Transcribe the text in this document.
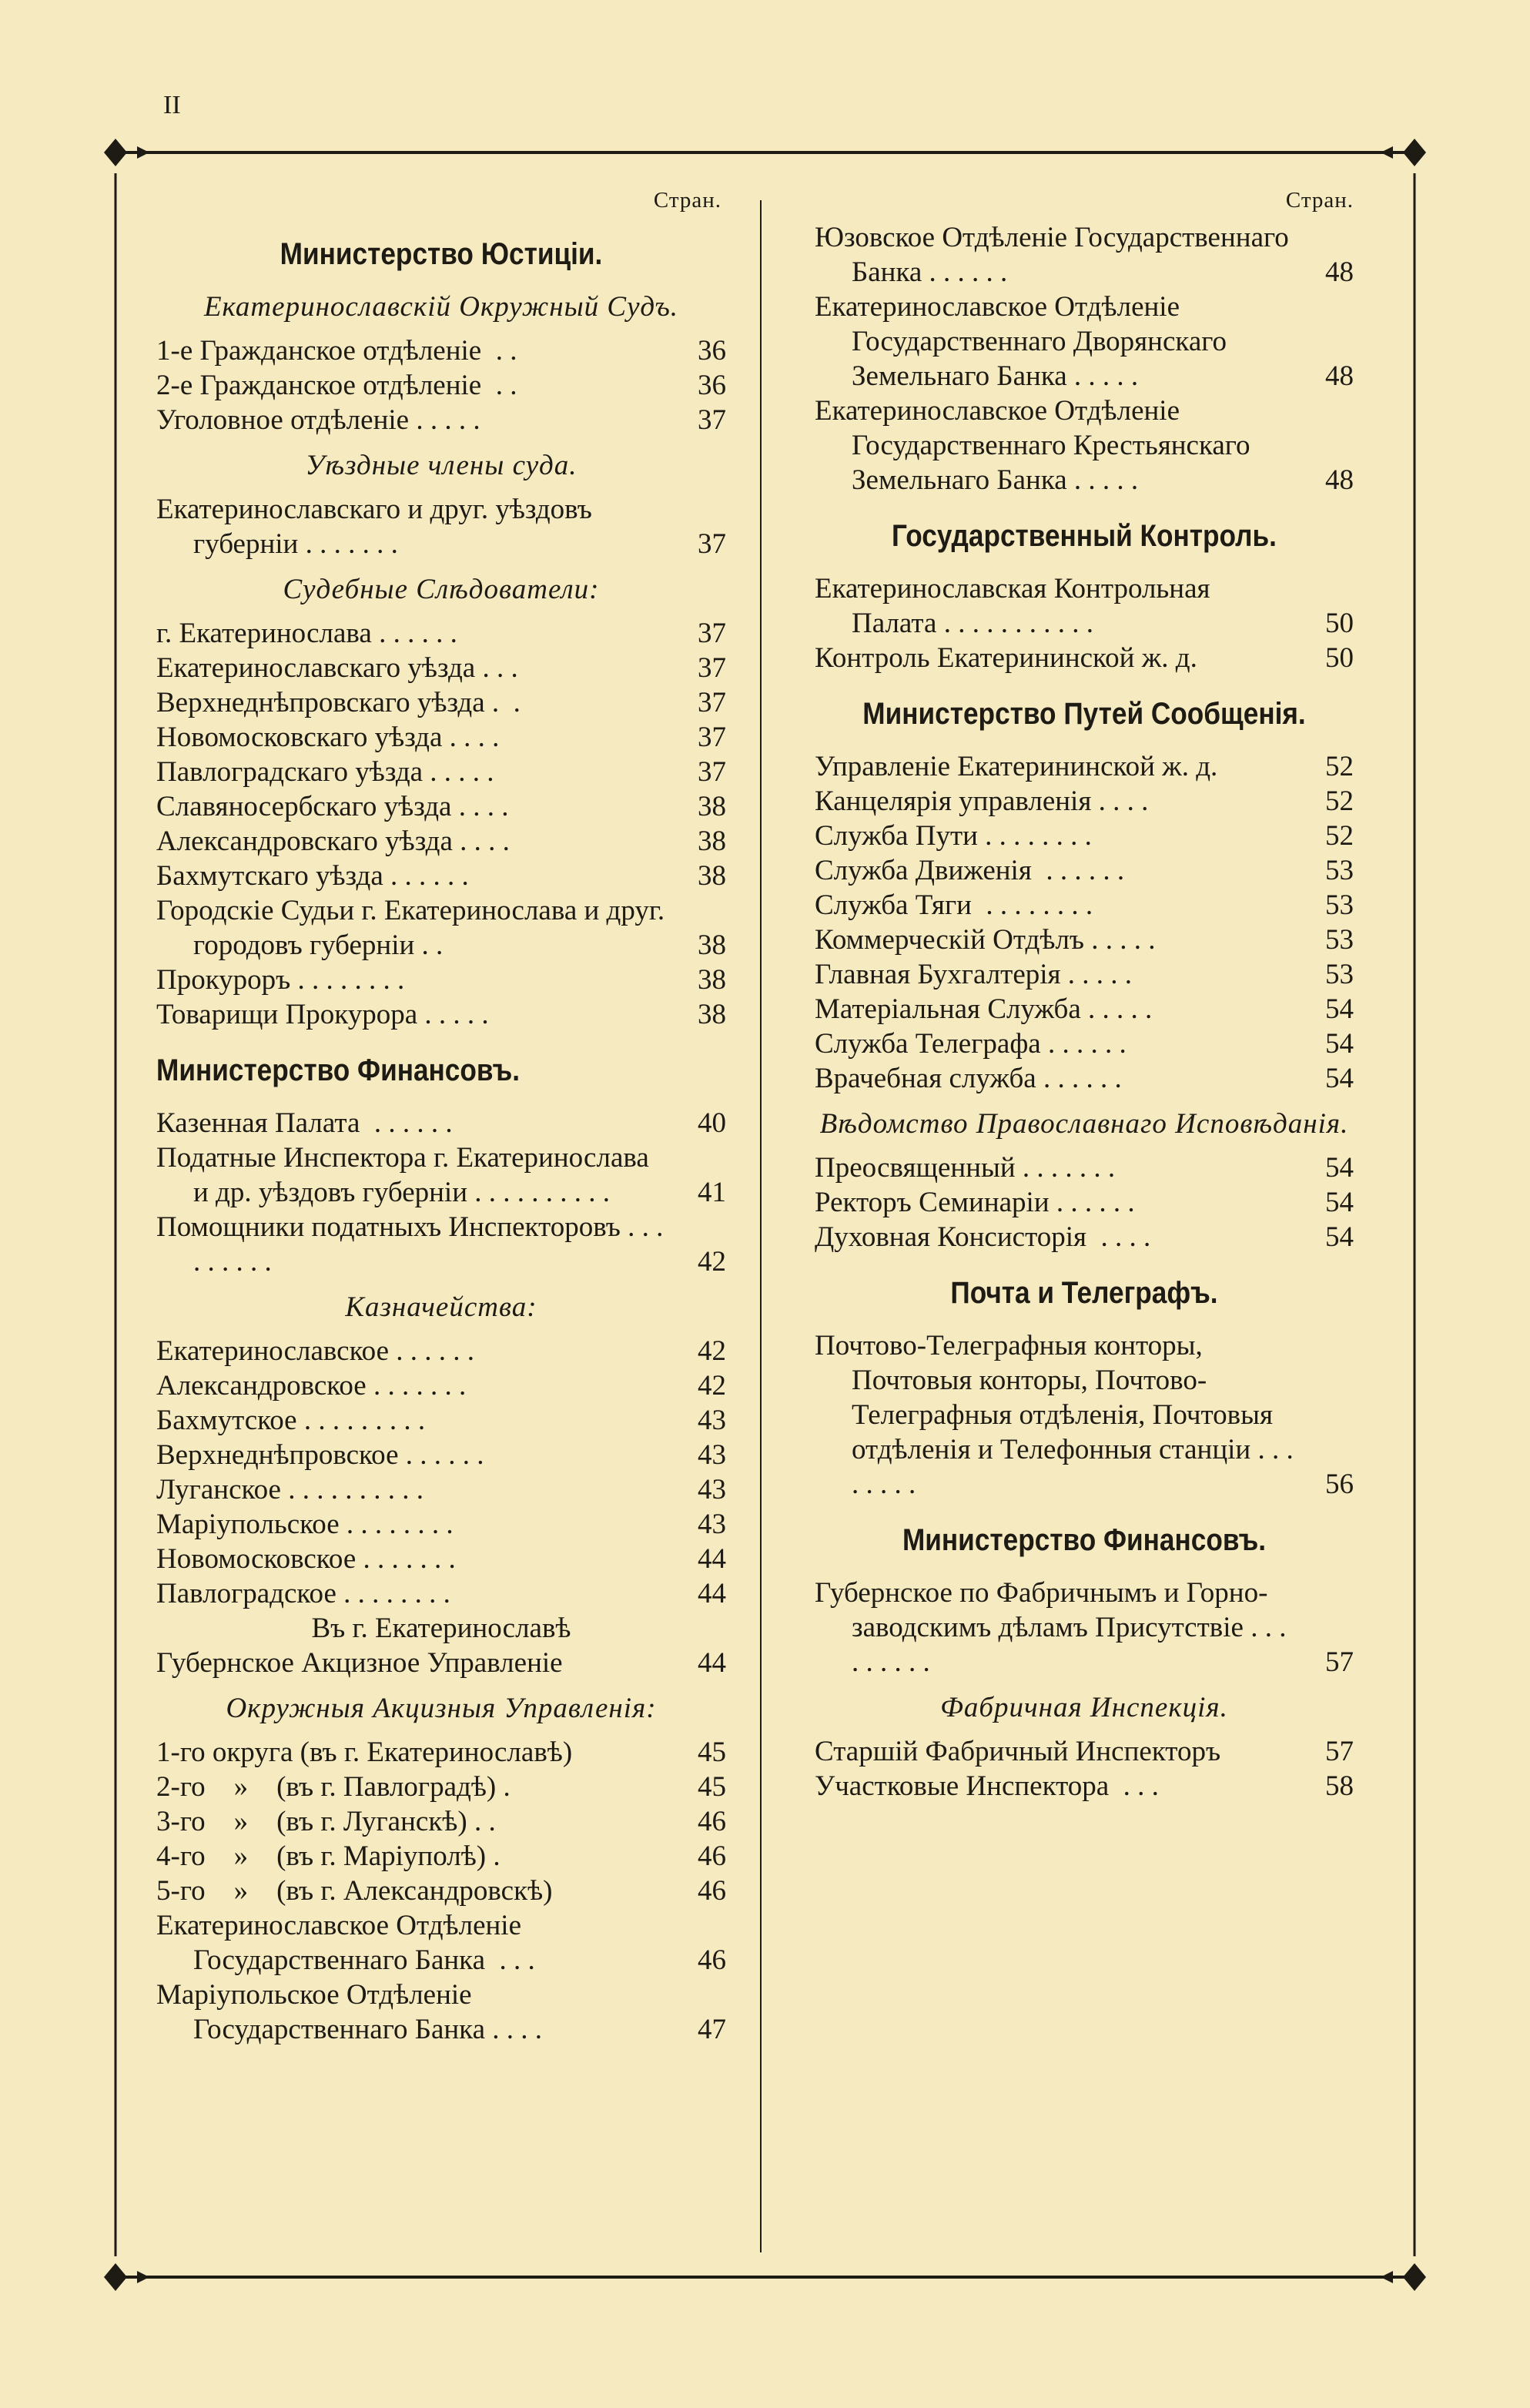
II
Стран.
Министерство Юстиціи.
Екатеринославскій Окружный Судъ.
1-е Гражданское отдѣленіе  . .	36
2-е Гражданское отдѣленіе  . .	36
Уголовное отдѣленіе . . . . .	37
Уѣздные члены суда.
Екатеринославскаго и друг. уѣздовъ губерніи . . . . . . .	37
Судебные Слѣдователи:
г. Екатеринослава . . . . . .	37
Екатеринославскаго уѣзда . . .	37
Верхнеднѣпровскаго уѣзда .  .	37
Новомосковскаго уѣзда . . . .	37
Павлоградскаго уѣзда . . . . .	37
Славяносербскаго уѣзда . . . .	38
Александровскаго уѣзда . . . .	38
Бахмутскаго уѣзда . . . . . .	38
Городскіе Судьи г. Екатеринослава и друг. городовъ губерніи . .	38
Прокуроръ . . . . . . . .	38
Товарищи Прокурора . . . . .	38
Министерство Финансовъ.
Казенная Палата  . . . . . .	40
Податные Инспектора г. Екатеринослава и др. уѣздовъ губерніи . . . . . . . . . .	41
Помощники податныхъ Инспекторовъ . . . . . . . . .	42
Казначейства:
Екатеринославское . . . . . .	42
Александровское . . . . . . .	42
Бахмутское . . . . . . . . .	43
Верхнеднѣпровское . . . . . .	43
Луганское . . . . . . . . . .	43
Маріупольское . . . . . . . .	43
Новомосковское . . . . . . .	44
Павлоградское . . . . . . . .	44
Въ г. Екатеринославѣ
Губернское Акцизное Управленіе	44
Окружныя Акцизныя Управленія:
1-го округа (въ г. Екатеринославѣ)	45
2-го    »    (въ г. Павлоградѣ) .	45
3-го    »    (въ г. Луганскѣ) . .	46
4-го    »    (въ г. Маріуполѣ) .	46
5-го    »    (въ г. Александровскѣ)	46
Екатеринославское Отдѣленіе Государственнаго Банка  . . .	46
Маріупольское Отдѣленіе Государственнаго Банка . . . .	47
Стран.
Юзовское Отдѣленіе Государственнаго Банка . . . . . .	48
Екатеринославское Отдѣленіе Государственнаго Дворянскаго Земельнаго Банка . . . . .	48
Екатеринославское Отдѣленіе Государственнаго Крестьянскаго Земельнаго Банка . . . . .	48
Государственный Контроль.
Екатеринославская Контрольная Палата . . . . . . . . . . .	50
Контроль Екатерининской ж. д.	50
Министерство Путей Сообщенія.
Управленіе Екатерининской ж. д.	52
Канцелярія управленія . . . .	52
Служба Пути . . . . . . . .	52
Служба Движенія  . . . . . .	53
Служба Тяги  . . . . . . . .	53
Коммерческій Отдѣлъ . . . . .	53
Главная Бухгалтерія . . . . .	53
Матеріальная Служба . . . . .	54
Служба Телеграфа . . . . . .	54
Врачебная служба . . . . . .	54
Вѣдомство Православнаго Исповѣданія.
Преосвященный . . . . . . .	54
Ректоръ Семинаріи . . . . . .	54
Духовная Консисторія  . . . .	54
Почта и Телеграфъ.
Почтово-Телеграфныя конторы, Почтовыя конторы, Почтово-Телеграфныя отдѣленія, Почтовыя отдѣленія и Телефонныя станціи . . . . . . . .	56
Министерство Финансовъ.
Губернское по Фабричнымъ и Горно-заводскимъ дѣламъ Присутствіе . . . . . . . . .	57
Фабричная Инспекція.
Старшій Фабричный Инспекторъ	57
Участковые Инспектора  . . .	58
